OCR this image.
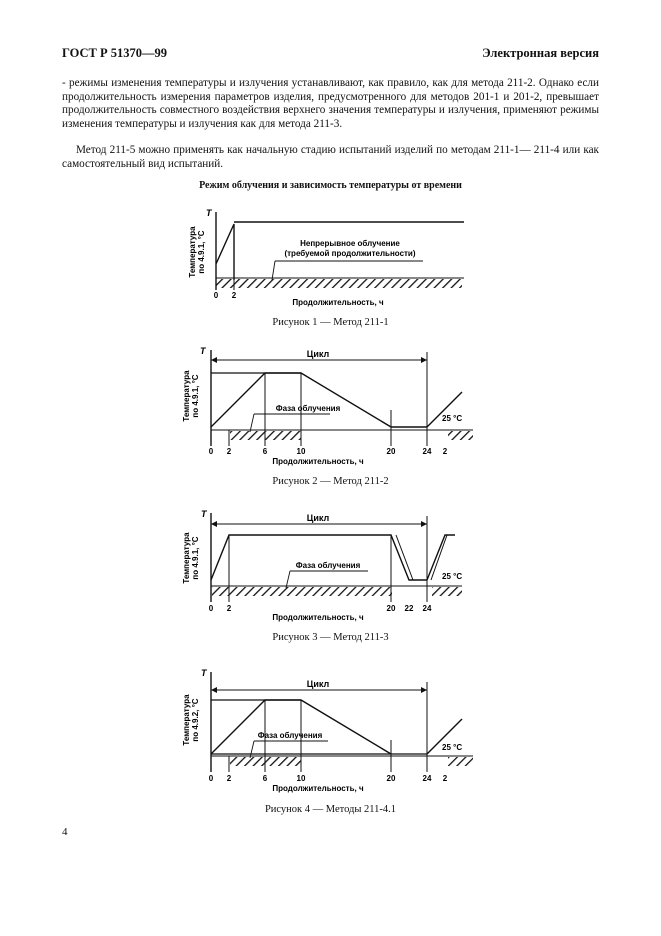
ГОСТ Р 51370—99	Электронная версия

- режимы изменения температуры и излучения устанавливают, как правило, как для метода 211-2. Однако если продолжительность измерения параметров изделия, предусмотренного для методов 201-1 и 201-2, превышает продолжительность совместного воздействия верхнего значения температуры и излучения, применяют режимы изменения температуры и излучения как для метода 211-3.

Метод 211-5 можно применять как начальную стадию испытаний изделий по методам 211-1— 211-4 или как самостоятельный вид испытаний.

Режим облучения и зависимость температуры от времени
T
Температура по 4.9.1, °С	Непрерывное облучение
(требуемой продолжительности)
0 2
Продолжительность, ч
Рисунок 1 — Метод 211-1
T
Температура по 4.9.1, °С
Цикл
Фаза облучения
25 °С
0 2	6	10	20	24 2
Продолжительность, ч
Рисунок 2 — Метод 211-2
T
Температура по 4.9.1, °С
Цикл
Фаза облучения
25 °С
0 2	20 22 24
Продолжительность, ч
Рисунок 3 — Метод 211-3
T
Температура по 4.9.2, °С
Цикл
Фаза облучения
25 °С
0 2	6	10	20	24 2
Продолжительность, ч
Рисунок 4 — Методы 211-4.1
4
